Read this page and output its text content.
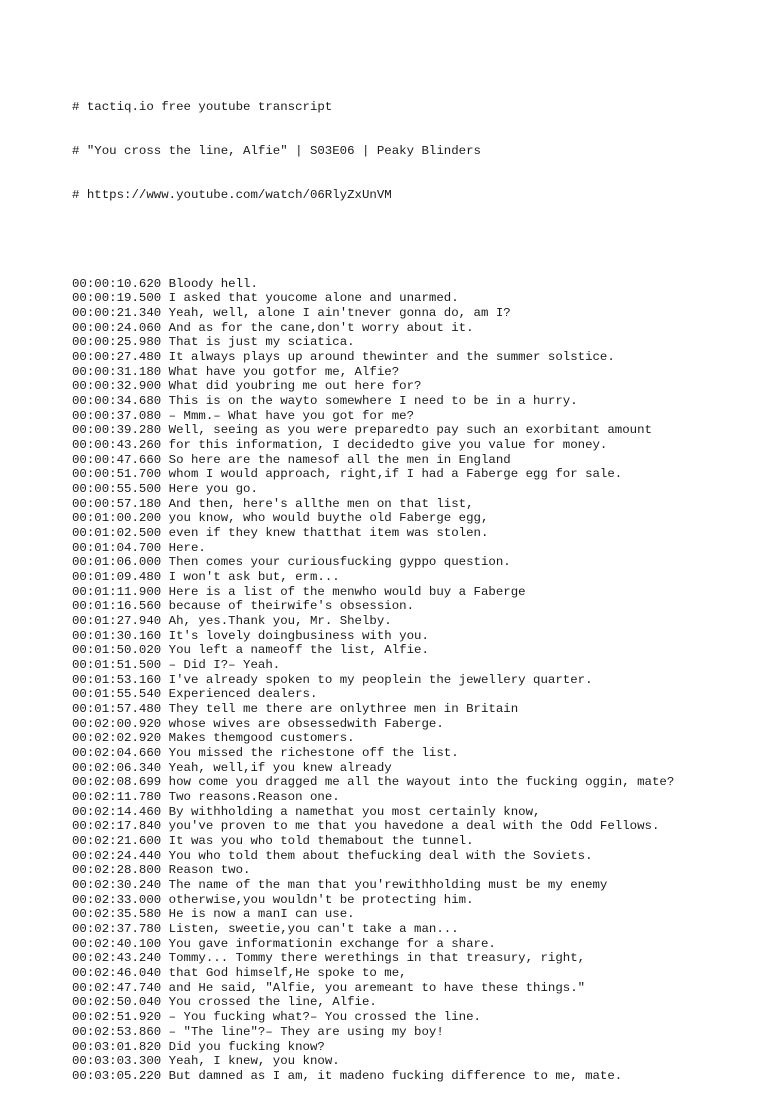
# tactiq.io free youtube transcript

# "You cross the line, Alfie" | S03E06 | Peaky Blinders

# https://www.youtube.com/watch/06RlyZxUnVM

00:00:10.620 Bloody hell.
00:00:19.500 I asked that youcome alone and unarmed.
00:00:21.340 Yeah, well, alone I ain'tnever gonna do, am I?
00:00:24.060 And as for the cane,don't worry about it.
00:00:25.980 That is just my sciatica.
00:00:27.480 It always plays up around thewinter and the summer solstice.
00:00:31.180 What have you gotfor me, Alfie?
00:00:32.900 What did youbring me out here for?
00:00:34.680 This is on the wayto somewhere I need to be in a hurry.
00:00:37.080 – Mmm.– What have you got for me?
00:00:39.280 Well, seeing as you were preparedto pay such an exorbitant amount
00:00:43.260 for this information, I decidedto give you value for money.
00:00:47.660 So here are the namesof all the men in England
00:00:51.700 whom I would approach, right,if I had a Faberge egg for sale.
00:00:55.500 Here you go.
00:00:57.180 And then, here's allthe men on that list,
00:01:00.200 you know, who would buythe old Faberge egg,
00:01:02.500 even if they knew thatthat item was stolen.
00:01:04.700 Here.
00:01:06.000 Then comes your curiousfucking gyppo question.
00:01:09.480 I won't ask but, erm...
00:01:11.900 Here is a list of the menwho would buy a Faberge
00:01:16.560 because of theirwife's obsession.
00:01:27.940 Ah, yes.Thank you, Mr. Shelby.
00:01:30.160 It's lovely doingbusiness with you.
00:01:50.020 You left a nameoff the list, Alfie.
00:01:51.500 – Did I?– Yeah.
00:01:53.160 I've already spoken to my peoplein the jewellery quarter.
00:01:55.540 Experienced dealers.
00:01:57.480 They tell me there are onlythree men in Britain
00:02:00.920 whose wives are obsessedwith Faberge.
00:02:02.920 Makes themgood customers.
00:02:04.660 You missed the richestone off the list.
00:02:06.340 Yeah, well,if you knew already
00:02:08.699 how come you dragged me all the wayout into the fucking oggin, mate?
00:02:11.780 Two reasons.Reason one.
00:02:14.460 By withholding a namethat you most certainly know,
00:02:17.840 you've proven to me that you havedone a deal with the Odd Fellows.
00:02:21.600 It was you who told themabout the tunnel.
00:02:24.440 You who told them about thefucking deal with the Soviets.
00:02:28.800 Reason two.
00:02:30.240 The name of the man that you'rewithholding must be my enemy
00:02:33.000 otherwise,you wouldn't be protecting him.
00:02:35.580 He is now a manI can use.
00:02:37.780 Listen, sweetie,you can't take a man...
00:02:40.100 You gave informationin exchange for a share.
00:02:43.240 Tommy... Tommy there werethings in that treasury, right,
00:02:46.040 that God himself,He spoke to me,
00:02:47.740 and He said, "Alfie, you aremeant to have these things."
00:02:50.040 You crossed the line, Alfie.
00:02:51.920 – You fucking what?– You crossed the line.
00:02:53.860 – "The line"?– They are using my boy!
00:03:01.820 Did you fucking know?
00:03:03.300 Yeah, I knew, you know.
00:03:05.220 But damned as I am, it madeno fucking difference to me, mate.
